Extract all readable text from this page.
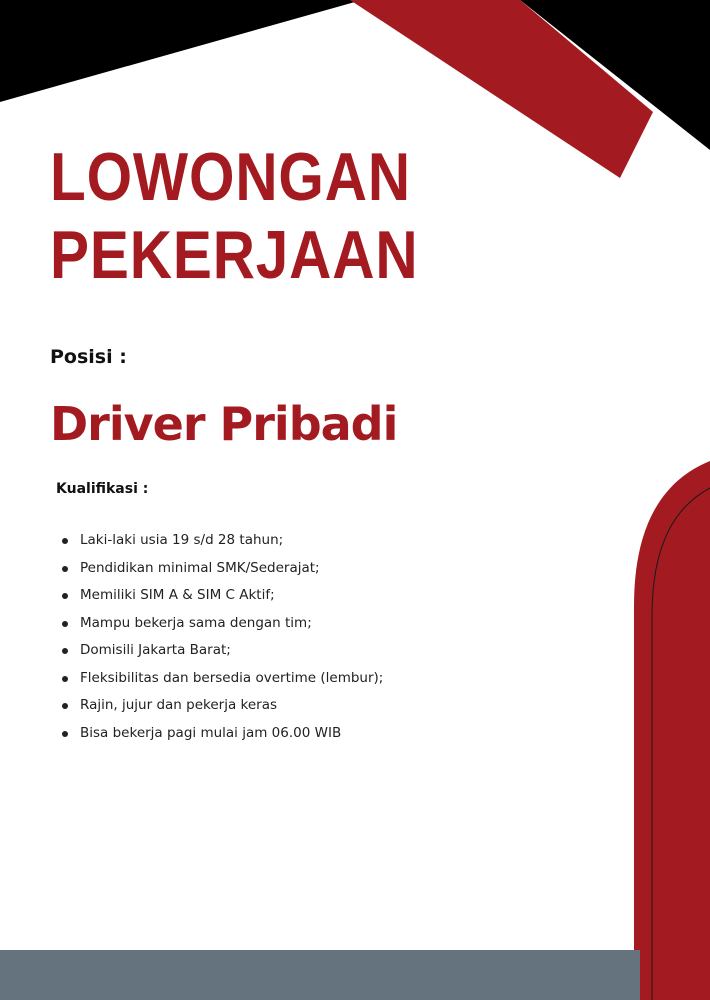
LOWONGAN
PEKERJAAN

Posisi :

Driver Pribadi

Kualifikasi :

Laki-laki usia 19 s/d 28 tahun;
Pendidikan minimal SMK/Sederajat;
Memiliki SIM A & SIM C Aktif;
Mampu bekerja sama dengan tim;
Domisili Jakarta Barat;
Fleksibilitas dan bersedia overtime (lembur);
Rajin, jujur dan pekerja keras
Bisa bekerja pagi mulai jam 06.00 WIB
